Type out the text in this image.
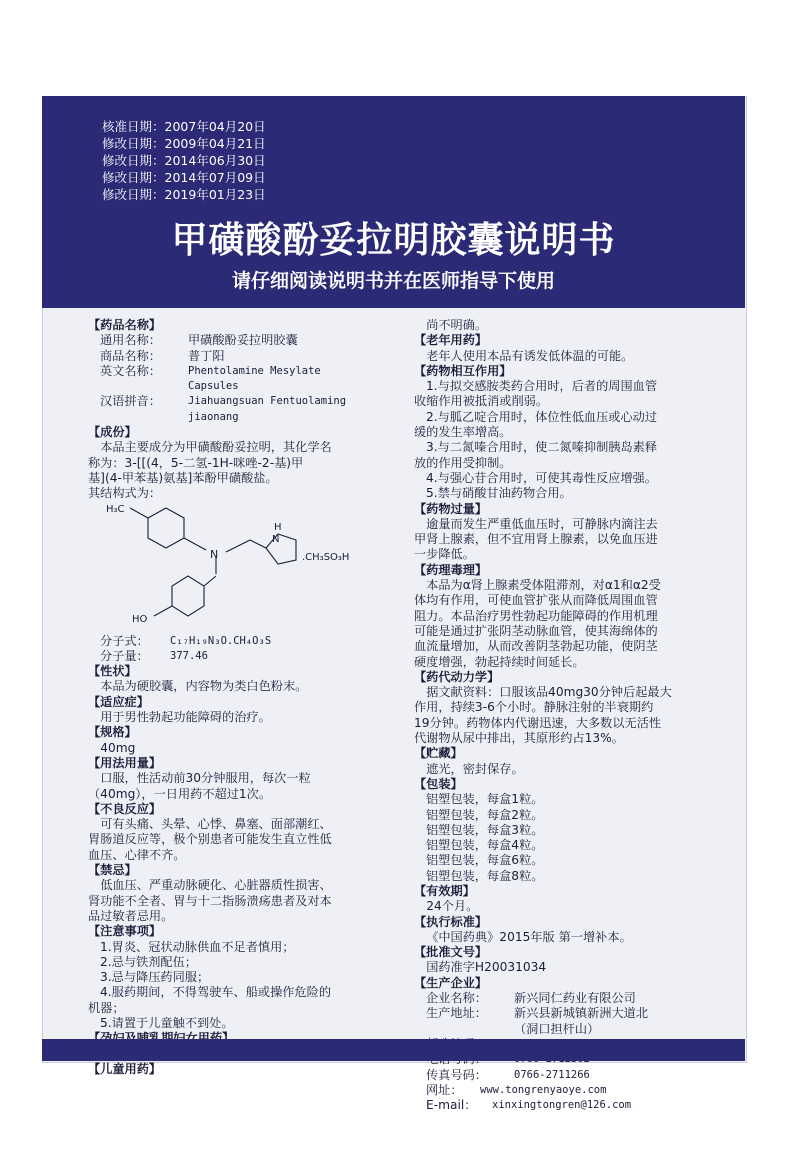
核准日期：2007年04月20日
修改日期：2009年04月21日
修改日期：2014年06月30日
修改日期：2014年07月09日
修改日期：2019年01月23日
甲磺酸酚妥拉明胶囊说明书
请仔细阅读说明书并在医师指导下使用
【药品名称】
通用名称：	甲磺酸酚妥拉明胶囊
商品名称：	普丁阳
英文名称：	Phentolamine Mesylate
Capsules
汉语拼音：	Jiahuangsuan Fentuolaming
jiaonang
【成份】
本品主要成分为甲磺酸酚妥拉明，其化学名
称为：3-[[(4，5-二氢-1H-咪唑-2-基)甲
基](4-甲苯基)氨基]苯酚甲磺酸盐。
其结构式为：
H₃C
N
H
N
.CH₃SO₃H
HO
分子式：	C₁₇H₁₉N₃O.CH₄O₃S
分子量：	377.46
【性状】
本品为硬胶囊，内容物为类白色粉末。
【适应症】
用于男性勃起功能障碍的治疗。
【规格】
40mg
【用法用量】
口服，性活动前30分钟服用，每次一粒
（40mg），一日用药不超过1次。
【不良反应】
可有头痛、头晕、心悸、鼻塞、面部潮红、
胃肠道反应等，极个别患者可能发生直立性低
血压、心律不齐。
【禁忌】
低血压、严重动脉硬化、心脏器质性损害、
肾功能不全者、胃与十二指肠溃疡患者及对本
品过敏者忌用。
【注意事项】
1.胃炎、冠状动脉供血不足者慎用；
2.忌与铁剂配伍；
3.忌与降压药同服；
4.服药期间，不得驾驶车、船或操作危险的
机器；
5.请置于儿童触不到处。
【儿童用药】
尚不明确。
【老年用药】
老年人使用本品有诱发低体温的可能。
【药物相互作用】
1.与拟交感胺类药合用时，后者的周围血管
收缩作用被抵消或削弱。
2.与胍乙啶合用时，体位性低血压或心动过
缓的发生率增高。
3.与二氮嗪合用时，使二氮嗪抑制胰岛素释
放的作用受抑制。
4.与强心苷合用时，可使其毒性反应增强。
5.禁与硝酸甘油药物合用。
【药物过量】
逾量而发生严重低血压时，可静脉内滴注去
甲肾上腺素，但不宜用肾上腺素，以免血压进
一步降低。
【药理毒理】
本品为α肾上腺素受体阻滞剂，对α1和α2受
体均有作用，可使血管扩张从而降低周围血管
阻力。本品治疗男性勃起功能障碍的作用机理
可能是通过扩张阴茎动脉血管，使其海绵体的
血流量增加，从而改善阴茎勃起功能，使阴茎
硬度增强，勃起持续时间延长。
【药代动力学】
据文献资料：口服该品40mg30分钟后起最大
作用，持续3-6个小时。静脉注射的半衰期约
19分钟。药物体内代谢迅速，大多数以无活性
代谢物从尿中排出，其原形约占13%。
【贮藏】
遮光，密封保存。
【包装】
铝塑包装，每盒1粒。
铝塑包装，每盒2粒。
铝塑包装，每盒3粒。
铝塑包装，每盒4粒。
铝塑包装，每盒6粒。
铝塑包装，每盒8粒。
【有效期】
24个月。
【执行标准】
《中国药典》2015年版 第一增补本。
【批准文号】
国药准字H20031034
【生产企业】
企业名称：	新兴同仁药业有限公司
生产地址：	新兴县新城镇新洲大道北
（洞口担杆山）
传真号码：	0766-2711266
网址：	www.tongrenyaoye.com
E-mail：	xinxingtongren@126.com
